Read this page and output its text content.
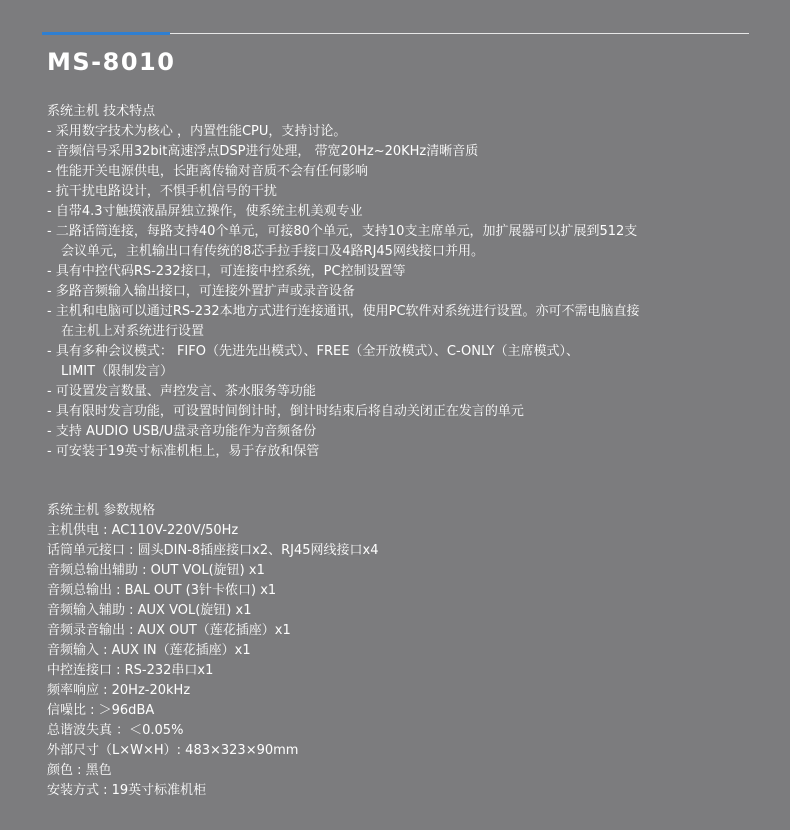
MS-8010

系统主机 技术特点

- 采用数字技术为核心 ，内置性能CPU，支持讨论。

- 音频信号采用32bit高速浮点DSP进行处理， 带宽20Hz~20KHz清晰音质

- 性能开关电源供电，长距离传输对音质不会有任何影响

- 抗干扰电路设计，不惧手机信号的干扰

- 自带4.3寸触摸液晶屏独立操作，使系统主机美观专业

- 二路话筒连接，每路支持40个单元，可接80个单元，支持10支主席单元，加扩展器可以扩展到512支

会议单元，主机输出口有传统的8芯手拉手接口及4路RJ45网线接口并用。

- 具有中控代码RS-232接口，可连接中控系统，PC控制设置等

- 多路音频输入输出接口，可连接外置扩声或录音设备

- 主机和电脑可以通过RS-232本地方式进行连接通讯，使用PC软件对系统进行设置。亦可不需电脑直接

在主机上对系统进行设置

- 具有多种会议模式： FIFO（先进先出模式）、FREE（全开放模式）、C-ONLY（主席模式）、

LIMIT（限制发言）

- 可设置发言数量、声控发言、茶水服务等功能

- 具有限时发言功能，可设置时间倒计时，倒计时结束后将自动关闭正在发言的单元

- 支持 AUDIO USB/U盘录音功能作为音频备份

- 可安装于19英寸标准机柜上，易于存放和保管

系统主机 参数规格

主机供电 : AC110V-220V/50Hz

话筒单元接口 : 圆头DIN-8插座接口x2、RJ45网线接口x4

音频总输出辅助 : OUT VOL(旋钮) x1

音频总输出 : BAL OUT (3针卡侬口) x1

音频输入辅助 : AUX VOL(旋钮) x1

音频录音输出 : AUX OUT（莲花插座）x1

音频输入 : AUX IN（莲花插座）x1

中控连接口 : RS-232串口x1

频率响应 : 20Hz-20kHz

信噪比 : ＞96dBA

总谐波失真 ：＜0.05%

外部尺寸（L×W×H）: 483×323×90mm

颜色 : 黑色

安装方式 : 19英寸标准机柜
